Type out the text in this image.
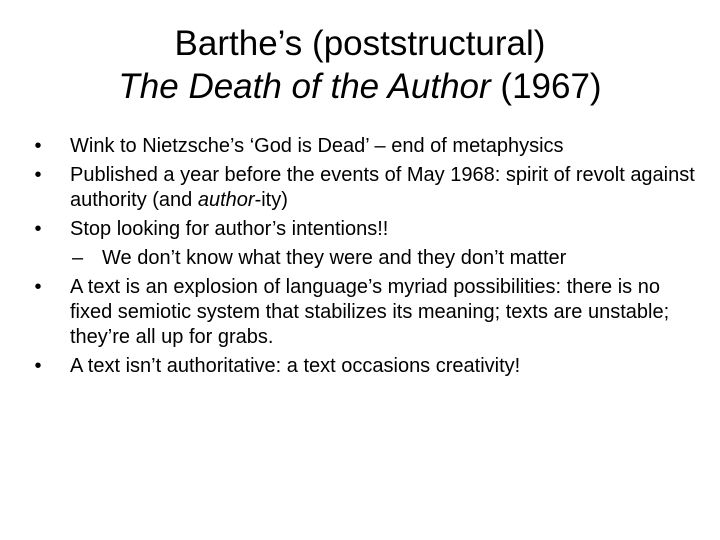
Barthe’s (poststructural)
The Death of the Author (1967)
•	Wink to Nietzsche’s ‘God is Dead’ – end of metaphysics
•	Published a year before the events of May 1968: spirit of revolt against authority (and author-ity)
•	Stop looking for author’s intentions!!
– We don’t know what they were and they don’t matter
•	A text is an explosion of language’s myriad possibilities: there is no fixed semiotic system that stabilizes its meaning; texts are unstable; they’re all up for grabs.
•	A text isn’t authoritative: a text occasions creativity!
